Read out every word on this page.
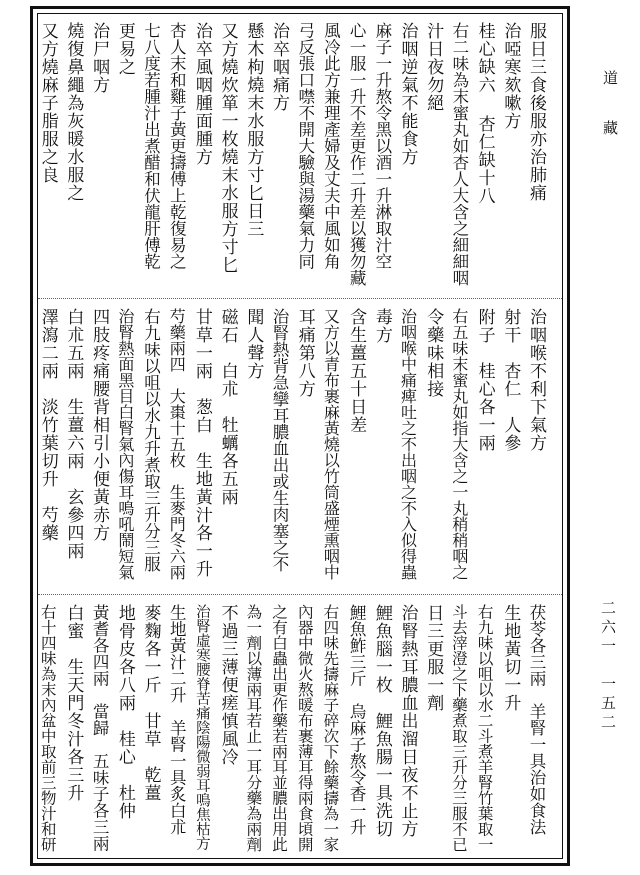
服日三食後服亦治肺痛
治啞寒欬嗽方
桂心缺六 杏仁缺十八
右二味為末蜜丸如杏人大含之細細咽
汁日夜勿絕
治咽逆氣不能食方
麻子一升熬令黑以酒一升淋取汁空
心一服一升不差更作二升差以獲勿藏
風冷此方兼理產婦及丈夫中風如角
弓反張口噤不開大驗與湯藥氣力同
治卒咽痛方
懸木枸燒末水服方寸匕日三
又方燒炊箪一枚燒末水服方寸匕
治卒風咽腫面腫方
杏人末和雞子黃更擣傅上乾復易之
七八度若腫汁出煮醋和伏龍肝傅乾
更易之
治尸咽方
燒復鼻繩為灰暖水服之
又方燒麻子脂服之良
治咽喉不利下氣方
射干　杏仁　人參
附子　桂心各一兩
右五味末蜜丸如指大含之一丸稍稍咽之
令藥味相接
治咽喉中痛痺吐之不出咽之不入似得蟲
毒方
含生薑五十日差
又方以青布裹麻黃燒以竹筒盛煙熏咽中
耳痛第八方
治腎熱背急攣耳膿血出或生肉塞之不
聞人聲方
磁石　白朮　牡蠣各五兩
甘草一兩　葱白　生地黃汁各一升
芍藥兩四　大棗十五枚　生麥門冬六兩
右九味以咀以水九升煮取三升分三服
治腎熱面黑目白腎氣內傷耳鳴吼鬧短氣
四肢疼痛腰背相引小便黃赤方
白朮五兩　生薑六兩　玄參四兩
澤瀉二兩　淡竹葉切升　芍藥
茯苓各三兩　羊腎一具治如食法
生地黃切一升
右九味以咀以水二斗煮羊腎竹葉取一
斗去滓澄之下藥煮取三升分三服不已
日三更服一劑
治腎熱耳膿血出溜日夜不止方
鯉魚腦一枚　鯉魚腸一具洗切
鯉魚鮓三斤　烏麻子熬令香一升
右四味先擣麻子碎次下餘藥擣為一家
內器中微火熬暖布裹薄耳得兩食頃開
之有白蟲出更作藥若兩耳並膿出用此
為一劑以薄兩耳若止一耳分藥為兩劑
不過三薄便瘥慎風冷
治腎虛寒腰脊苦痛陰陽微弱耳鳴焦枯方
生地黃汁二升　羊腎一具炙白朮
麥麴各一斤　甘草　乾薑
地骨皮各八兩　桂心　杜仲
黃耆各四兩　當歸　五味子各三兩
白蜜　生天門冬汁各三升
右十四味為末內盆中取前三物汁和研
道　藏
二六一　一五二
